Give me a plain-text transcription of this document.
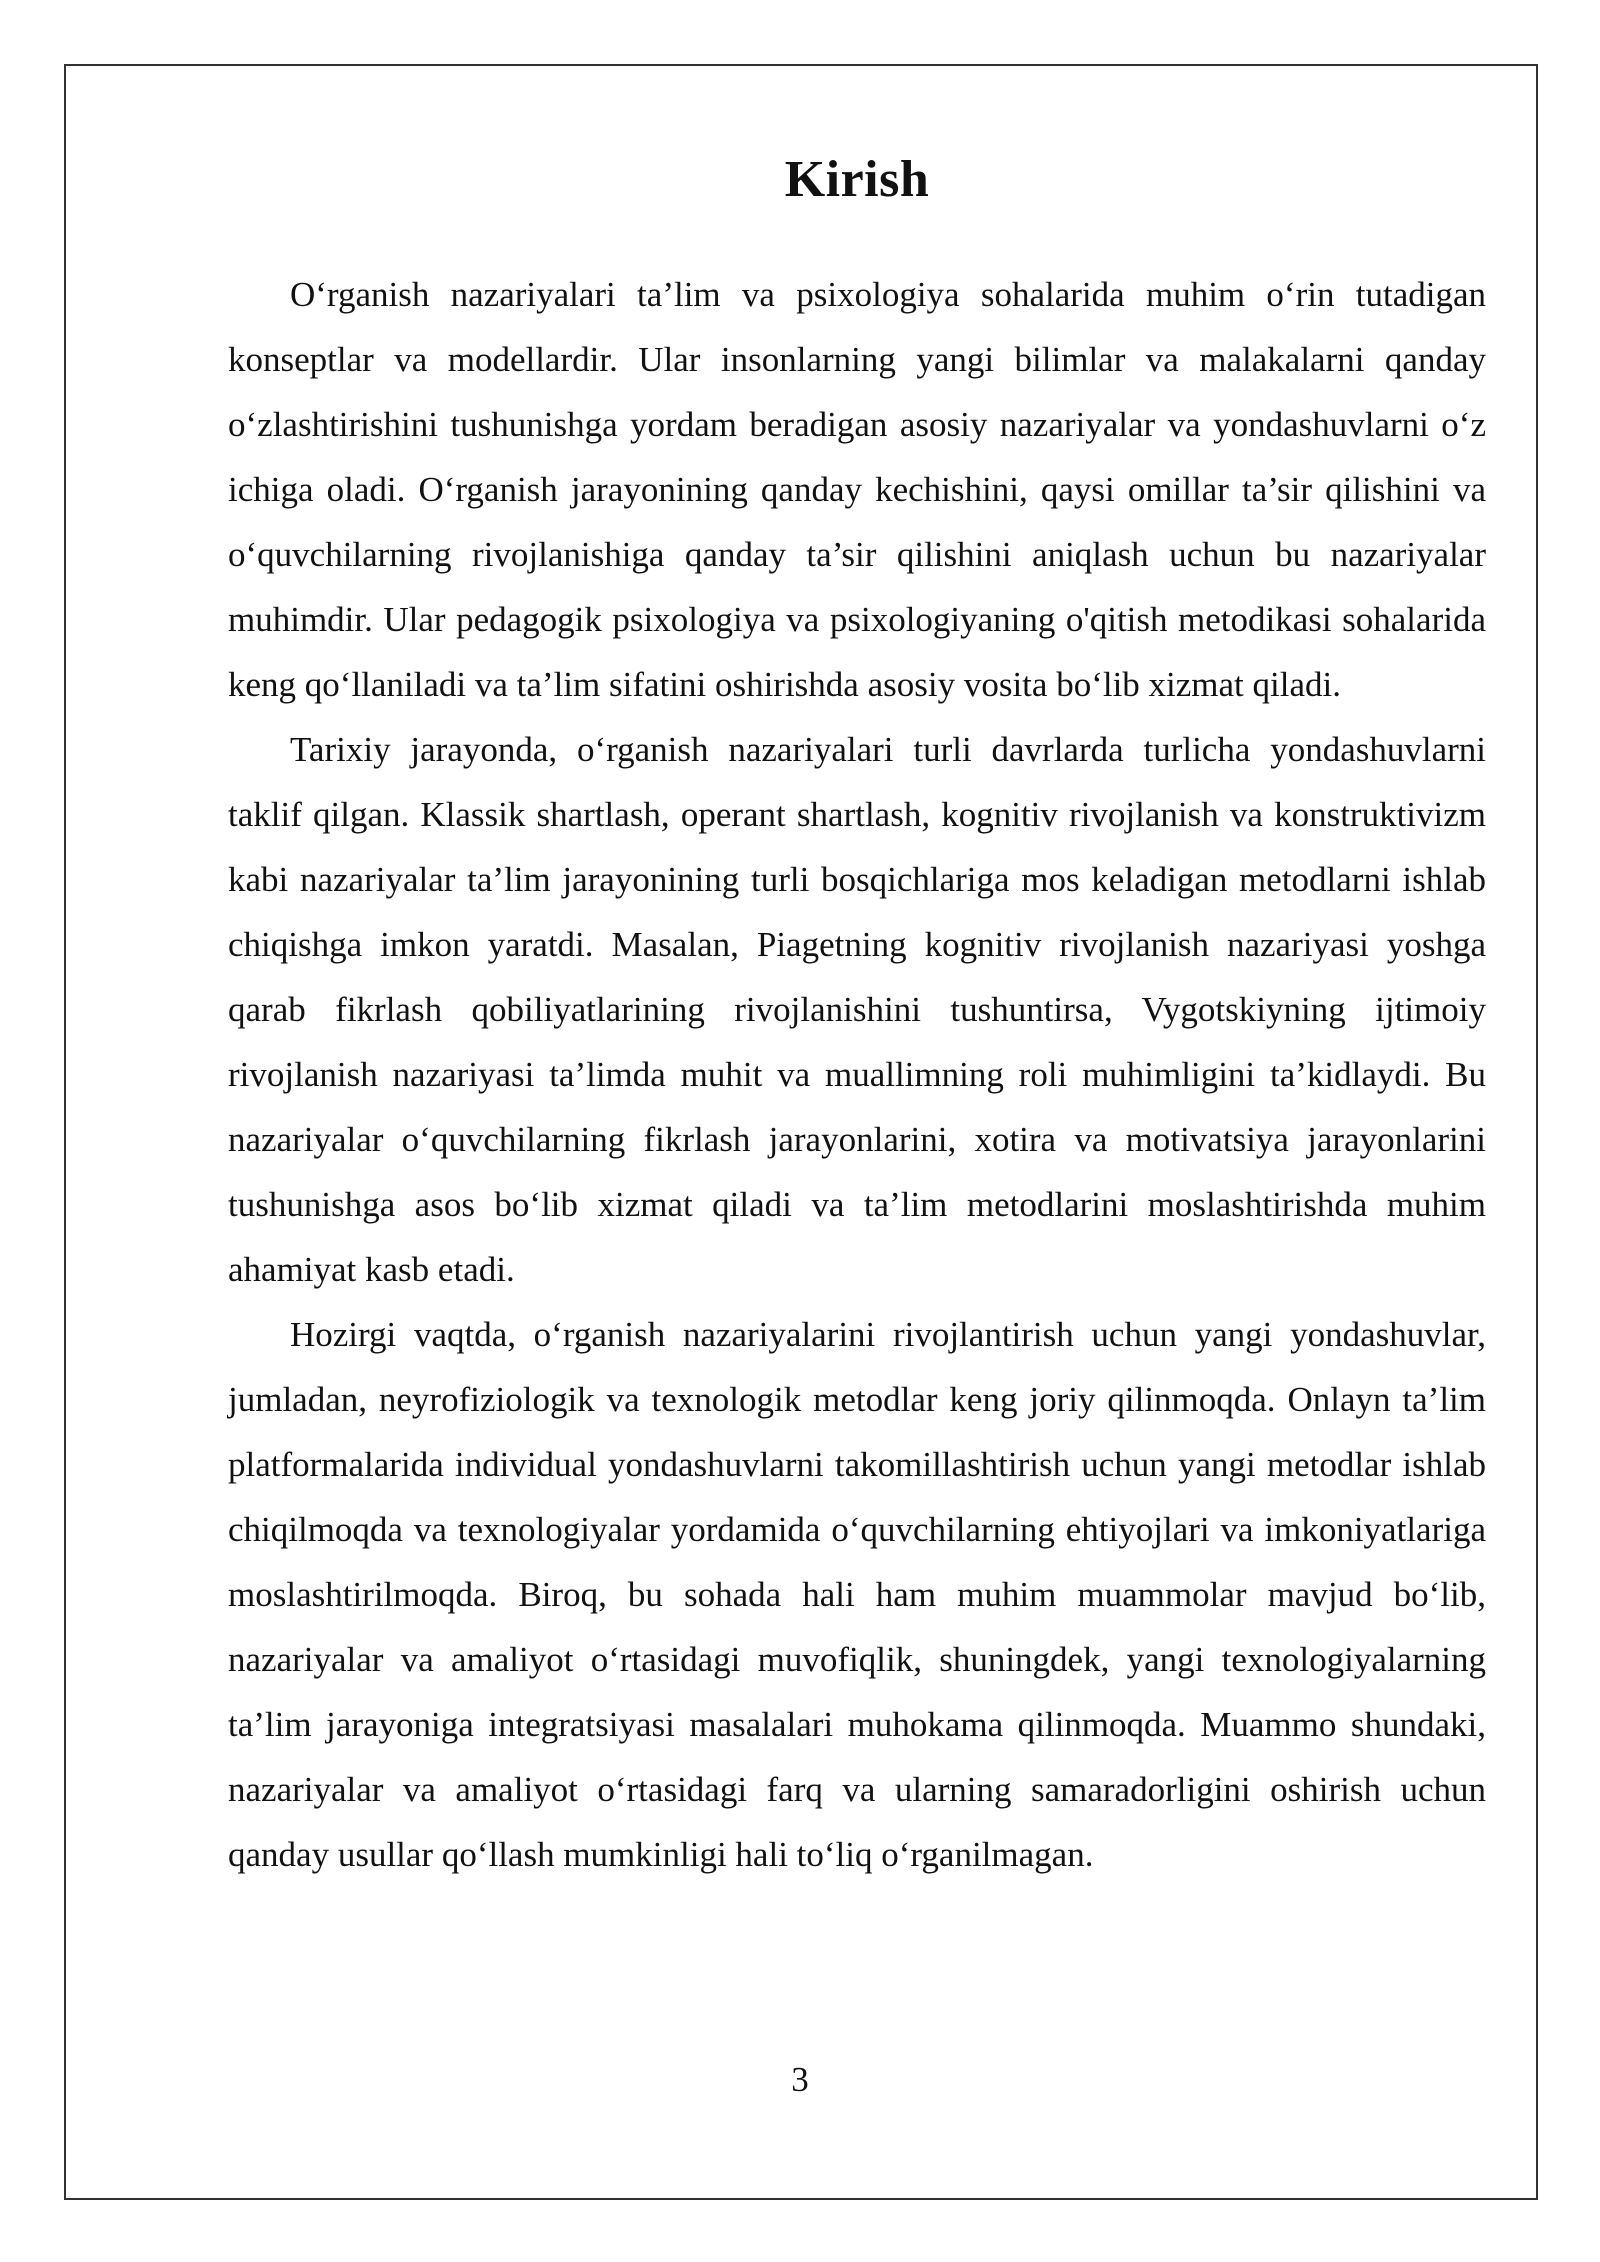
Kirish

O‘rganish nazariyalari ta’lim va psixologiya sohalarida muhim o‘rin tutadigan konseptlar va modellardir. Ular insonlarning yangi bilimlar va malakalarni qanday o‘zlashtirishini tushunishga yordam beradigan asosiy nazariyalar va yondashuvlarni o‘z ichiga oladi. O‘rganish jarayonining qanday kechishini, qaysi omillar ta’sir qilishini va o‘quvchilarning rivojlanishiga qanday ta’sir qilishini aniqlash uchun bu nazariyalar muhimdir. Ular pedagogik psixologiya va psixologiyaning o'qitish metodikasi sohalarida keng qo‘llaniladi va ta’lim sifatini oshirishda asosiy vosita bo‘lib xizmat qiladi.

Tarixiy jarayonda, o‘rganish nazariyalari turli davrlarda turlicha yondashuvlarni taklif qilgan. Klassik shartlash, operant shartlash, kognitiv rivojlanish va konstruktivizm kabi nazariyalar ta’lim jarayonining turli bosqichlariga mos keladigan metodlarni ishlab chiqishga imkon yaratdi. Masalan, Piagetning kognitiv rivojlanish nazariyasi yoshga qarab fikrlash qobiliyatlarining rivojlanishini tushuntirsa, Vygotskiyning ijtimoiy rivojlanish nazariyasi ta’limda muhit va muallimning roli muhimligini ta’kidlaydi. Bu nazariyalar o‘quvchilarning fikrlash jarayonlarini, xotira va motivatsiya jarayonlarini tushunishga asos bo‘lib xizmat qiladi va ta’lim metodlarini moslashtirishda muhim ahamiyat kasb etadi.

Hozirgi vaqtda, o‘rganish nazariyalarini rivojlantirish uchun yangi yondashuvlar, jumladan, neyrofiziologik va texnologik metodlar keng joriy qilinmoqda. Onlayn ta’lim platformalarida individual yondashuvlarni takomillashtirish uchun yangi metodlar ishlab chiqilmoqda va texnologiyalar yordamida o‘quvchilarning ehtiyojlari va imkoniyatlariga moslashtirilmoqda. Biroq, bu sohada hali ham muhim muammolar mavjud bo‘lib, nazariyalar va amaliyot o‘rtasidagi muvofiqlik, shuningdek, yangi texnologiyalarning ta’lim jarayoniga integratsiyasi masalalari muhokama qilinmoqda. Muammo shundaki, nazariyalar va amaliyot o‘rtasidagi farq va ularning samaradorligini oshirish uchun qanday usullar qo‘llash mumkinligi hali to‘liq o‘rganilmagan.

3
